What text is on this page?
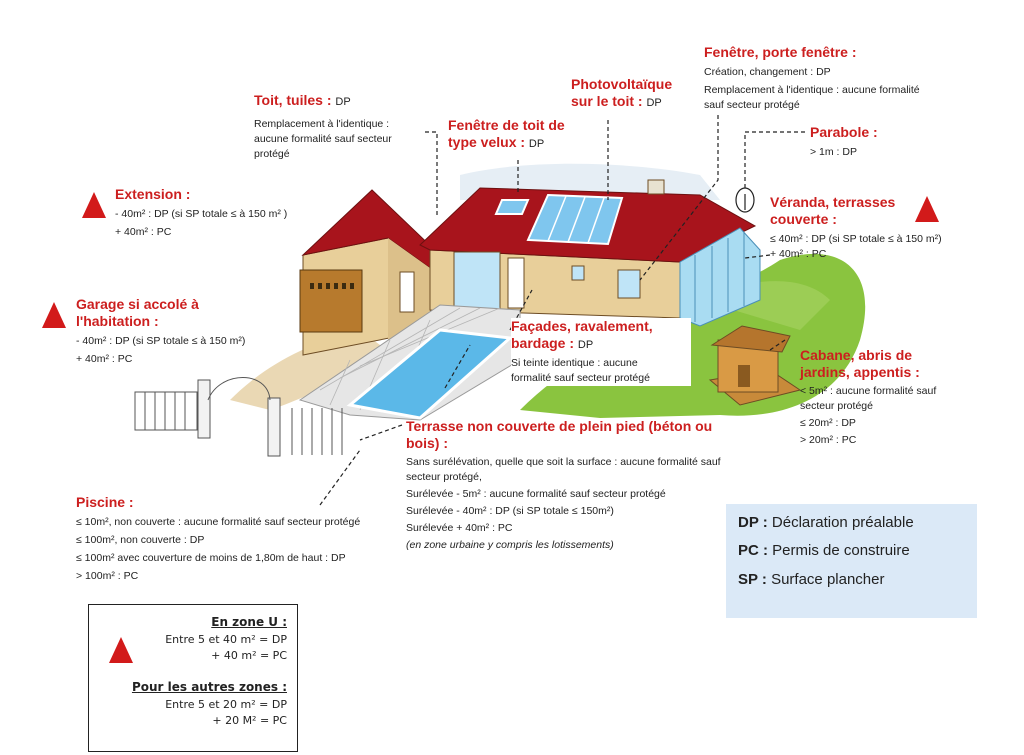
Toit, tuiles : DP
Remplacement à l'identique :
aucune formalité sauf secteur
protégé
Fenêtre de toit de
type velux : DP
Photovoltaïque
sur le toit : DP
Fenêtre, porte fenêtre :
Création, changement : DP
Remplacement à l'identique : aucune formalité
sauf secteur protégé
Parabole :
> 1m : DP
Extension :
- 40m² : DP (si SP totale ≤ à 150 m² )
+ 40m² : PC
Véranda, terrasses
couverte :
≤ 40m² : DP (si SP totale ≤ à 150 m²)
+ 40m² : PC
Garage si accolé à
l'habitation :
- 40m² : DP (si SP totale ≤ à 150 m²)
+ 40m² : PC
Façades, ravalement,
bardage : DP
Si teinte identique : aucune
formalité sauf secteur protégé
Cabane, abris de
jardins, appentis :
< 5m² : aucune formalité sauf
secteur protégé
≤ 20m² : DP
> 20m² : PC
Terrasse non couverte de plein pied (béton ou
bois) :
Sans surélévation, quelle que soit la surface : aucune formalité sauf
secteur protégé,
Surélevée - 5m² : aucune formalité sauf secteur protégé
Surélevée - 40m² : DP (si SP totale ≤ 150m²)
Surélevée + 40m² : PC
(en zone urbaine y compris les lotissements)
Piscine :
≤ 10m², non couverte : aucune formalité sauf secteur protégé
≤ 100m², non couverte : DP
≤ 100m² avec couverture de moins de 1,80m de haut : DP
> 100m² : PC
DP : Déclaration préalable
PC : Permis de construire
SP : Surface plancher
En zone U :
Entre 5 et 40 m² = DP
+ 40 m² = PC
Pour les autres zones :
Entre 5 et 20 m² = DP
+ 20 M² = PC
